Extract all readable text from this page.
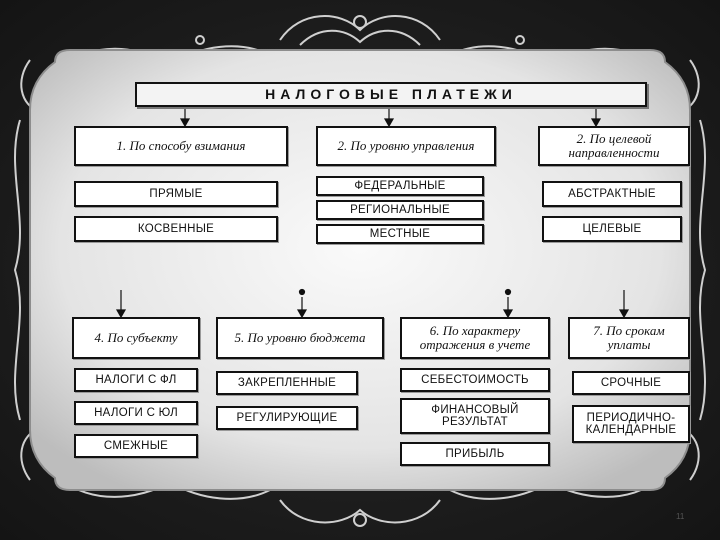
НАЛОГОВЫЕ ПЛАТЕЖИ
1. По способу взимания
ПРЯМЫЕ
КОСВЕННЫЕ
2. По уровню управления
ФЕДЕРАЛЬНЫЕ
РЕГИОНАЛЬНЫЕ
МЕСТНЫЕ
2. По целевой направленности
АБСТРАКТНЫЕ
ЦЕЛЕВЫЕ
4. По субъекту
НАЛОГИ С ФЛ
НАЛОГИ С ЮЛ
СМЕЖНЫЕ
5. По уровню бюджета
ЗАКРЕПЛЕННЫЕ
РЕГУЛИРУЮЩИЕ
6. По характеру отражения в учете
СЕБЕСТОИМОСТЬ
ФИНАНСОВЫЙ РЕЗУЛЬТАТ
ПРИБЫЛЬ
7. По срокам уплаты
СРОЧНЫЕ
ПЕРИОДИЧНО-КАЛЕНДАРНЫЕ
11
